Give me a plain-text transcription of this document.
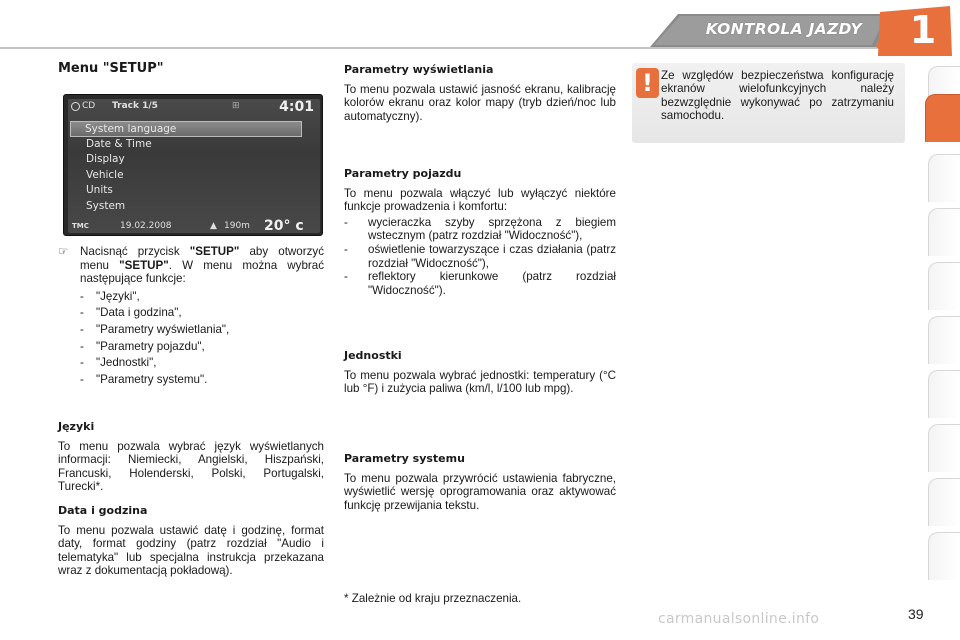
KONTROLA JAZDY 1
Menu "SETUP"
CD	Track 1/5	⊞	4:01
System language
Date & Time
Display
Vehicle
Units
System
TMC	19.02.2008	▲ 190m	20° c
☞ Nacisnąć przycisk "SETUP" aby otworzyć menu "SETUP". W menu można wybrać następujące funkcje:
-	"Języki",
-	"Data i godzina",
-	"Parametry wyświetlania",
-	"Parametry pojazdu",
-	"Jednostki",
-	"Parametry systemu".
Języki
To menu pozwala wybrać język wyświetlanych informacji: Niemiecki, Angielski, Hiszpański, Francuski, Holenderski, Polski, Portugalski, Turecki*.
Data i godzina
To menu pozwala ustawić datę i godzinę, format daty, format godziny (patrz rozdział "Audio i telematyka" lub specjalna instrukcja przekazana wraz z dokumentacją pokładową).
Parametry wyświetlania
To menu pozwala ustawić jasność ekranu, kalibrację kolorów ekranu oraz kolor mapy (tryb dzień/noc lub automatyczny).
Parametry pojazdu
To menu pozwala włączyć lub wyłączyć niektóre funkcje prowadzenia i komfortu:
-	wycieraczka szyby sprzężona z biegiem wstecznym (patrz rozdział "Widoczność"),
-	oświetlenie towarzyszące i czas działania (patrz rozdział "Widoczność"),
-	reflektory kierunkowe (patrz rozdział "Widoczność").
Jednostki
To menu pozwala wybrać jednostki: temperatury (°C lub °F) i zużycia paliwa (km/l, l/100 lub mpg).
Parametry systemu
To menu pozwala przywrócić ustawienia fabryczne, wyświetlić wersję oprogramowania oraz aktywować funkcję przewijania tekstu.
* Zależnie od kraju przeznaczenia.
! Ze względów bezpieczeństwa konfigurację ekranów wielofunkcyjnych należy bezwzględnie wykonywać po zatrzymaniu samochodu.
carmanualsonline.info	39
